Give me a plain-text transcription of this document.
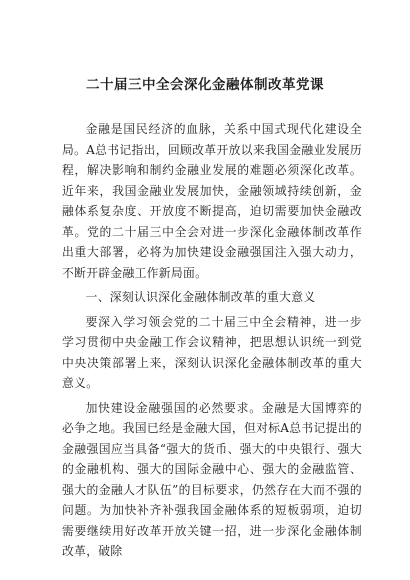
二十届三中全会深化金融体制改革党课

金融是国民经济的血脉，关系中国式现代化建设全局。A总书记指出，回顾改革开放以来我国金融业发展历程，解决影响和制约金融业发展的难题必须深化改革。近年来，我国金融业发展加快，金融领域持续创新，金融体系复杂度、开放度不断提高，迫切需要加快金融改革。党的二十届三中全会对进一步深化金融体制改革作出重大部署，必将为加快建设金融强国注入强大动力，不断开辟金融工作新局面。

一、深刻认识深化金融体制改革的重大意义

要深入学习领会党的二十届三中全会精神，进一步学习贯彻中央金融工作会议精神，把思想认识统一到党中央决策部署上来，深刻认识深化金融体制改革的重大意义。

加快建设金融强国的必然要求。金融是大国博弈的必争之地。我国已经是金融大国，但对标A总书记提出的金融强国应当具备“强大的货币、强大的中央银行、强大的金融机构、强大的国际金融中心、强大的金融监管、强大的金融人才队伍”的目标要求，仍然存在大而不强的问题。为加快补齐补强我国金融体系的短板弱项，迫切需要继续用好改革开放关键一招，进一步深化金融体制改革，破除
